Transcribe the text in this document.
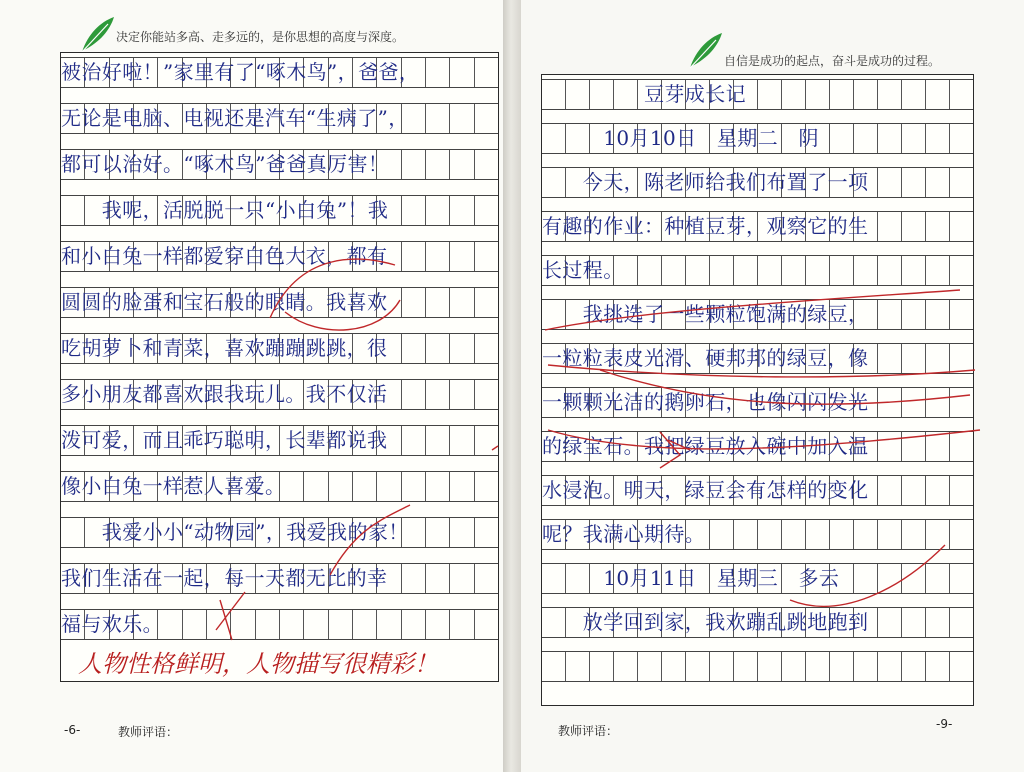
决定你能站多高、走多远的，是你思想的高度与深度。
被治好啦！”家里有了“啄木鸟”，爸爸，
无论是电脑、电视还是汽车“生病了”，
都可以治好。“啄木鸟”爸爸真厉害！
　　我呢，活脱脱一只“小白兔”！我
和小白兔一样都爱穿白色大衣，都有
圆圆的脸蛋和宝石般的眼睛。我喜欢
吃胡萝卜和青菜，喜欢蹦蹦跳跳，很
多小朋友都喜欢跟我玩儿。我不仅活
泼可爱，而且乖巧聪明，长辈都说我
像小白兔一样惹人喜爱。
　　我爱小小“动物园”，我爱我的家！
我们生活在一起，每一天都无比的幸
福与欢乐。
人物性格鲜明，人物描写很精彩！
-6-	教师评语：
自信是成功的起点，奋斗是成功的过程。
　　　　　豆芽成长记
　　　10月10日　星期二　阴
　　今天，陈老师给我们布置了一项
有趣的作业：种植豆芽，观察它的生
长过程。
　　我挑选了一些颗粒饱满的绿豆，
一粒粒表皮光滑、硬邦邦的绿豆，像
一颗颗光洁的鹅卵石，也像闪闪发光
的绿宝石。我把绿豆放入碗中加入温
水浸泡。明天，绿豆会有怎样的变化
呢？我满心期待。
　　　10月11日　星期三　多云
　　放学回到家，我欢蹦乱跳地跑到
教师评语：	-9-
